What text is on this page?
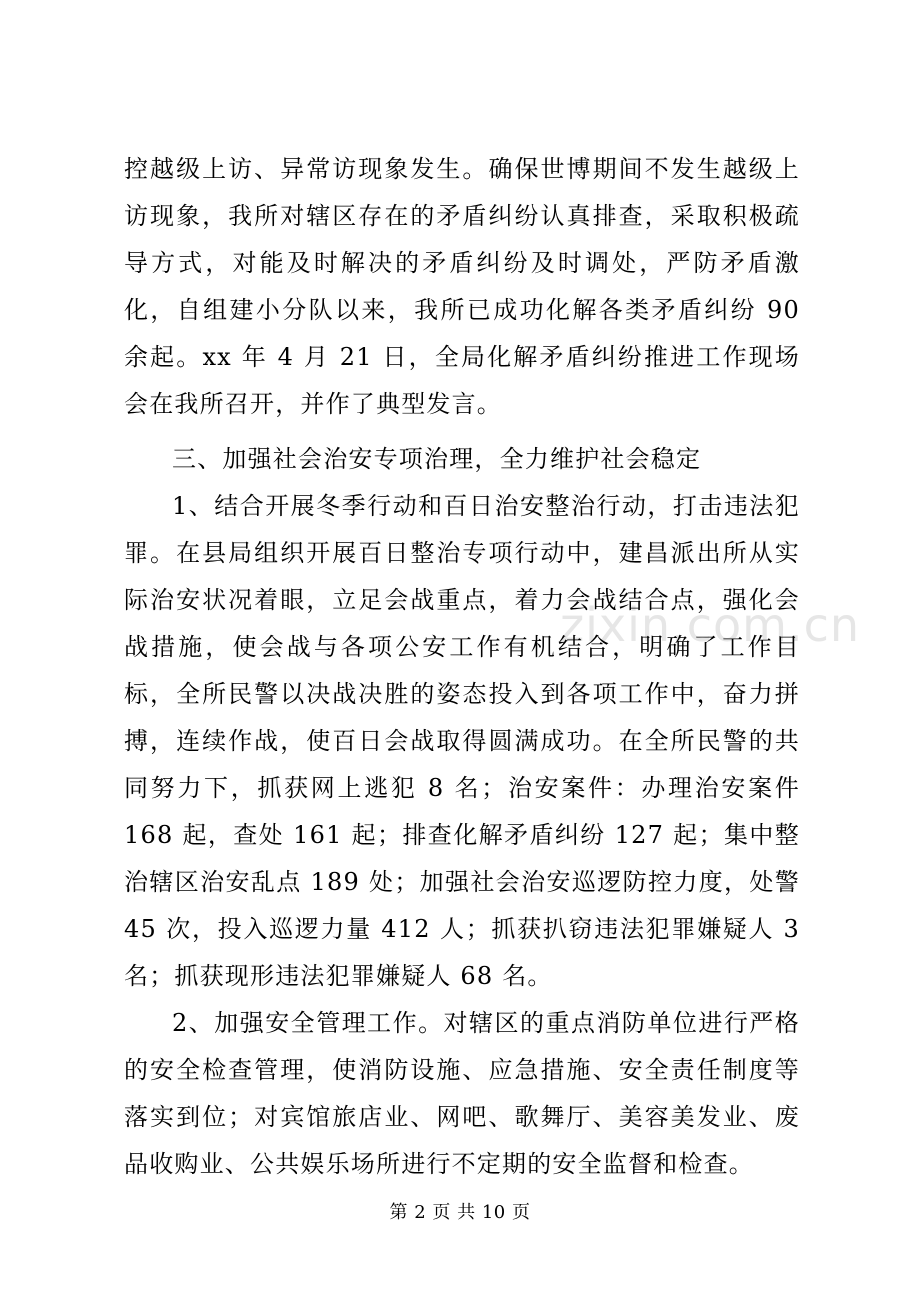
zixin.com.cn

控越级上访、异常访现象发生。确保世博期间不发生越级上访现象，我所对辖区存在的矛盾纠纷认真排查，采取积极疏导方式，对能及时解决的矛盾纠纷及时调处，严防矛盾激化，自组建小分队以来，我所已成功化解各类矛盾纠纷 90 余起。xx 年 4 月 21 日，全局化解矛盾纠纷推进工作现场会在我所召开，并作了典型发言。

三、加强社会治安专项治理，全力维护社会稳定

1、结合开展冬季行动和百日治安整治行动，打击违法犯罪。在县局组织开展百日整治专项行动中，建昌派出所从实际治安状况着眼，立足会战重点，着力会战结合点，强化会战措施，使会战与各项公安工作有机结合，明确了工作目标，全所民警以决战决胜的姿态投入到各项工作中，奋力拼搏，连续作战，使百日会战取得圆满成功。在全所民警的共同努力下，抓获网上逃犯 8 名；治安案件：办理治安案件 168 起，查处 161 起；排查化解矛盾纠纷 127 起；集中整治辖区治安乱点 189 处；加强社会治安巡逻防控力度，处警 45 次，投入巡逻力量 412 人；抓获扒窃违法犯罪嫌疑人 3 名；抓获现形违法犯罪嫌疑人 68 名。

2、加强安全管理工作。对辖区的重点消防单位进行严格的安全检查管理，使消防设施、应急措施、安全责任制度等落实到位；对宾馆旅店业、网吧、歌舞厅、美容美发业、废品收购业、公共娱乐场所进行不定期的安全监督和检查。

第 2 页 共 10 页
